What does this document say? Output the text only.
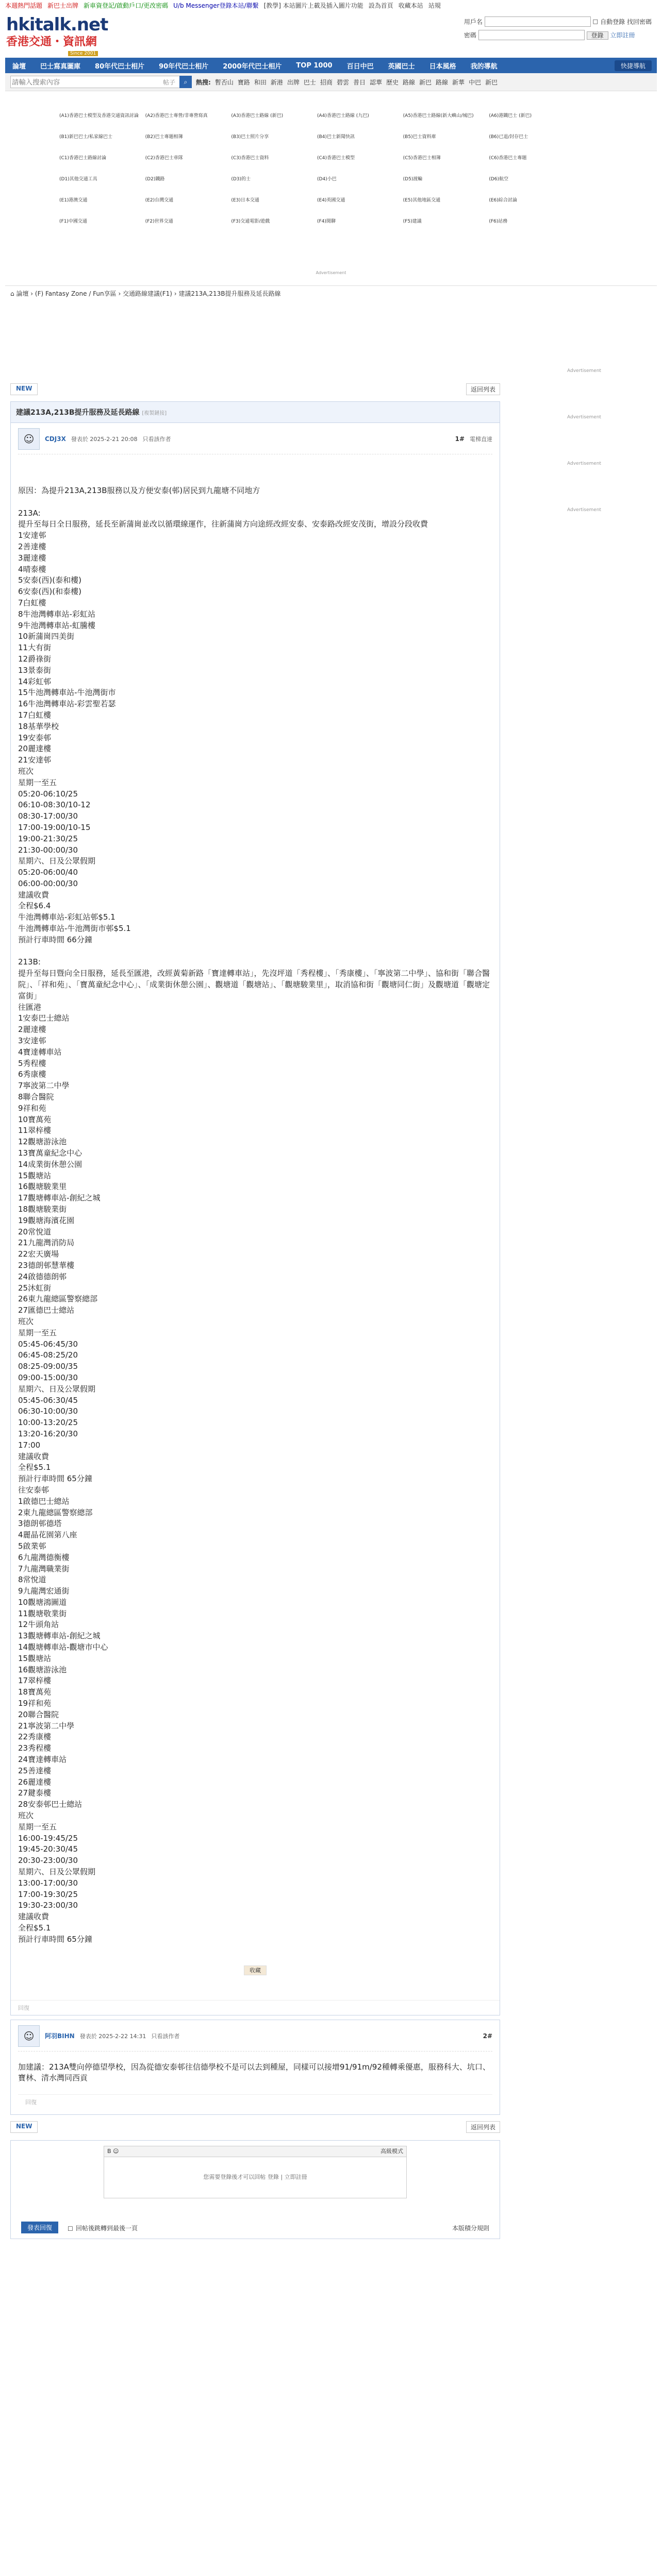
本週熱門話題 新巴士出牌 新車資登記/啟動戶口/更改密碼 U/b Messenger登錄本站/聯繫 [教學] 本站圖片上載及插入圖片功能 設為首頁 收藏本站 站規
hkitalk.net
香港交通・資訊網
Since 2001
用戶名	☐ 自動登錄 找回密碼
密碼	登錄 立即註冊
論壇	巴士寫真圖庫	80年代巴士相片	90年代巴士相片	2000年代巴士相片	TOP 1000	百日中巴	英國巴士	日本風格	我的導航	快捷導航
請輸入搜索內容
帖子	⌕	熱搜: 暫否山 寶路 和田 新港 出牌 巴士 招商 碧雲 普日 認華 歷史 路線 新巴 路線 新華 中巴 新巴
(A1)香港巴士模型及香港交通資訊討論	(A2)香港巴士專營/非專營寫真	(A3)香港巴士路線 (新巴)	(A4)香港巴士路線 (九巴)	(A5)香港巴士路線(新大嶼山/城巴)	(A6)港鐵巴士 (新巴)
(B1)新巴巴士/私家線巴士	(B2)巴士專題相簿	(B3)巴士照片分享	(B4)巴士新聞快訊	(B5)巴士資料庫	(B6)已退/封存巴士
(C1)香港巴士路線討論	(C2)香港巴士車隊	(C3)香港巴士資料	(C4)香港巴士模型	(C5)香港巴士相簿	(C6)香港巴士專題
(D1)其他交通工具	(D2)鐵路	(D3)的士	(D4)小巴	(D5)渡輪	(D6)航空
(E1)港澳交通	(E2)台灣交通	(E3)日本交通	(E4)英國交通	(E5)其他地區交通	(E6)綜合討論
(F1)中國交通	(F2)世界交通	(F3)交通電影/遊戲	(F4)閒聊	(F5)建議	(F6)站務
Advertisement
⌂ 論壇 › (F) Fantasy Zone / Fun享區 › 交通路線建議(F1) › 建議213A,213B提升服務及延長路線
Advertisement
Advertisement
Advertisement
Advertisement
NEW	返回列表
建議213A,213B提升服務及延長路線 [複製鏈接]
☺	CDJ3X 發表於 2025-2-21 20:08 只看該作者	1# 電梯直達
原因：為提升213A,213B服務以及方便安泰(邨)居民到九龍塘不同地方

213A:
提升至每日全日服務，延長至新蒲崗並改以循環線運作，往新蒲崗方向途經改經安泰、安泰路改經安茂街，增設分段收費
1安達邨
2善達樓
3麗達樓
4晴泰樓
5安泰(西)(泰和樓)
6安泰(西)(和泰樓)
7白虹樓
8牛池灣轉車站-彩虹站
9牛池灣轉車站-虹騰樓
10新蒲崗四美街
11大有街
12爵祿街
13景泰街
14彩虹邨
15牛池灣轉車站-牛池灣街市
16牛池灣轉車站-彩雲聖若瑟
17白虹樓
18基華學校
19安泰邨
20麗達樓
21安達邨
班次
星期一至五
05:20-06:10/25
06:10-08:30/10-12
08:30-17:00/30
17:00-19:00/10-15
19:00-21:30/25
21:30-00:00/30
星期六、日及公眾假期
05:20-06:00/40
06:00-00:00/30
建議收費
全程$6.4
牛池灣轉車站-彩虹站邨$5.1
牛池灣轉車站-牛池灣街市邨$5.1
預計行車時間 66分鐘

213B:
提升至每日暨向全日服務，延長至匯港，改經黃菊新路「寶達轉車站」，先沒坪道「秀程樓」、「秀康樓」、「寧波第二中學」、協和街「聯合醫院」、「祥和苑」、「寶萬童紀念中心」、「成業街休憩公園」、觀塘道「觀塘站」、「觀塘駿業里」，取消協和街「觀塘同仁街」及觀塘道「觀塘定富街」
往匯港
1安泰巴士總站
2麗達樓
3安達邨
4寶達轉車站
5秀程樓
6秀康樓
7寧波第二中學
8聯合醫院
9祥和苑
10寶萬苑
11翠梓樓
12觀塘游泳池
13寶萬童紀念中心
14成業街休憩公園
15觀塘站
16觀塘駿業里
17觀塘轉車站-創紀之城
18觀塘駿業街
19觀塘海濱花園
20常悅道
21九龍灣消防局
22宏天廣場
23德朗邨慧華樓
24啟德德朗邨
25沐虹街
26東九龍總區警察總部
27匯德巴士總站
班次
星期一至五
05:45-06:45/30
06:45-08:25/20
08:25-09:00/35
09:00-15:00/30
星期六、日及公眾假期
05:45-06:30/45
06:30-10:00/30
10:00-13:20/25
13:20-16:20/30
17:00
建議收費
全程$5.1
預計行車時間 65分鐘
往安泰邨
1啟德巴士總站
2東九龍總區警察總部
3德朗邨德塔
4麗晶花園第八座
5啟業邨
6九龍灣德衡樓
7九龍灣職業街
8常悅道
9九龍灣宏通街
10觀塘鴻圖道
11觀塘敬業街
12牛頭角站
13觀塘轉車站-創紀之城
14觀塘轉車站-觀塘市中心
15觀塘站
16觀塘游泳池
17翠梓樓
18寶萬苑
19祥和苑
20聯合醫院
21寧波第二中學
22秀康樓
23秀程樓
24寶達轉車站
25善達樓
26麗達樓
27鍵泰樓
28安泰邨巴士總站
班次
星期一至五
16:00-19:45/25
19:45-20:30/45
20:30-23:00/30
星期六、日及公眾假期
13:00-17:00/30
17:00-19:30/25
19:30-23:00/30
建議收費
全程$5.1
預計行車時間 65分鐘
收藏
回復
☺	阿羽BIHN 發表於 2025-2-22 14:31 只看該作者	2#
加建議：213A雙向停德望學校，因為從德安泰邨往信德學校不是可以去到種屋，同樣可以接增91/91m/92種轉乘優惠，服務科大、坑口、寶林、清水灣同西貢
回復
NEW	返回列表
B ☺	高級模式
您需要登錄後才可以回帖 登錄 | 立即註冊
發表回復	☐ 回帖後跳轉到最後一頁	本版積分規則
